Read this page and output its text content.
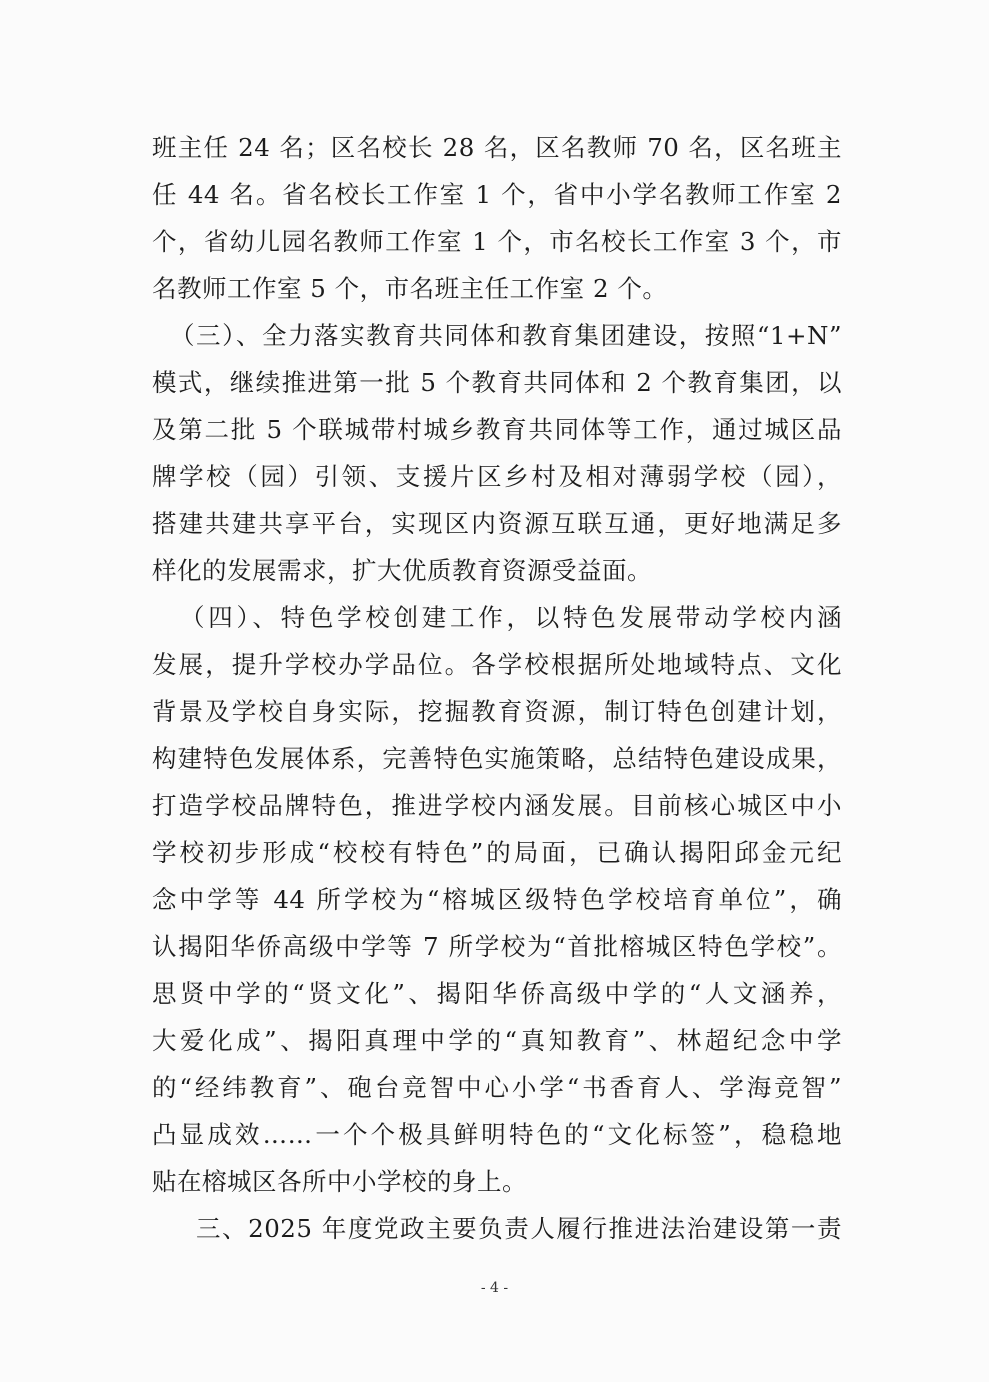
班主任 24 名；区名校长 28 名，区名教师 70 名，区名班主
任 44 名。省名校长工作室 1 个，省中小学名教师工作室 2
个，省幼儿园名教师工作室 1 个，市名校长工作室 3 个，市
名教师工作室 5 个，市名班主任工作室 2 个。
（三）、全力落实教育共同体和教育集团建设，按照“1+N”
模式，继续推进第一批 5 个教育共同体和 2 个教育集团，以
及第二批 5 个联城带村城乡教育共同体等工作，通过城区品
牌学校（园）引领、支援片区乡村及相对薄弱学校（园），
搭建共建共享平台，实现区内资源互联互通，更好地满足多
样化的发展需求，扩大优质教育资源受益面。
（四）、特色学校创建工作，以特色发展带动学校内涵
发展，提升学校办学品位。各学校根据所处地域特点、文化
背景及学校自身实际，挖掘教育资源，制订特色创建计划，
构建特色发展体系，完善特色实施策略，总结特色建设成果，
打造学校品牌特色，推进学校内涵发展。目前核心城区中小
学校初步形成“校校有特色”的局面，已确认揭阳邱金元纪
念中学等 44 所学校为“榕城区级特色学校培育单位”，确
认揭阳华侨高级中学等 7 所学校为“首批榕城区特色学校”。
思贤中学的“贤文化”、揭阳华侨高级中学的“人文涵养，
大爱化成”、揭阳真理中学的“真知教育”、林超纪念中学
的“经纬教育”、砲台竞智中心小学“书香育人、学海竞智”
凸显成效……一个个极具鲜明特色的“文化标签”，稳稳地
贴在榕城区各所中小学校的身上。
三、2025 年度党政主要负责人履行推进法治建设第一责
- 4 -
